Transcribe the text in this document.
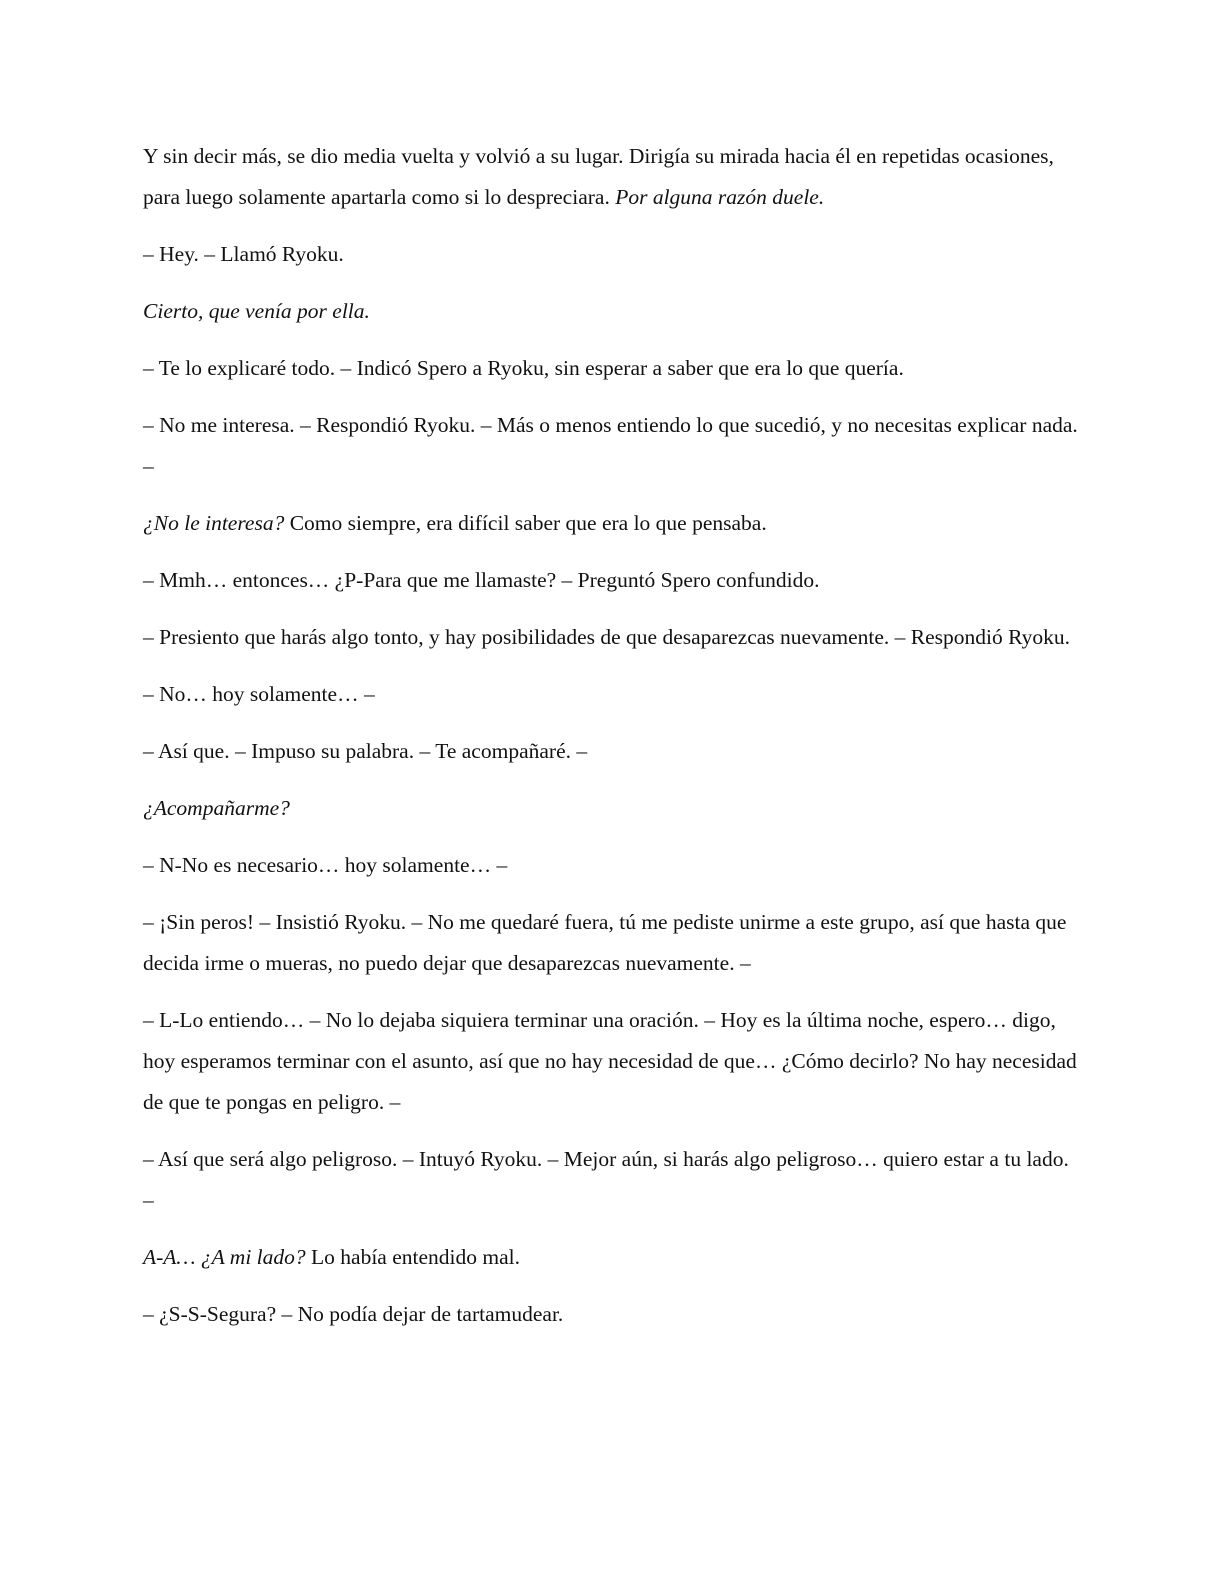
Y sin decir más, se dio media vuelta y volvió a su lugar. Dirigía su mirada hacia él en repetidas ocasiones, para luego solamente apartarla como si lo despreciara. Por alguna razón duele.

– Hey. – Llamó Ryoku.

Cierto, que venía por ella.

– Te lo explicaré todo. – Indicó Spero a Ryoku, sin esperar a saber que era lo que quería.

– No me interesa. – Respondió Ryoku. – Más o menos entiendo lo que sucedió, y no necesitas explicar nada. –

¿No le interesa? Como siempre, era difícil saber que era lo que pensaba.

– Mmh… entonces… ¿P-Para que me llamaste? – Preguntó Spero confundido.

– Presiento que harás algo tonto, y hay posibilidades de que desaparezcas nuevamente. – Respondió Ryoku.

– No… hoy solamente… –

– Así que. – Impuso su palabra. – Te acompañaré. –

¿Acompañarme?

– N-No es necesario… hoy solamente… –

– ¡Sin peros! – Insistió Ryoku. – No me quedaré fuera, tú me pediste unirme a este grupo, así que hasta que decida irme o mueras, no puedo dejar que desaparezcas nuevamente. –

– L-Lo entiendo… – No lo dejaba siquiera terminar una oración. – Hoy es la última noche, espero… digo, hoy esperamos terminar con el asunto, así que no hay necesidad de que… ¿Cómo decirlo? No hay necesidad de que te pongas en peligro. –

– Así que será algo peligroso. – Intuyó Ryoku. – Mejor aún, si harás algo peligroso… quiero estar a tu lado. –

A-A… ¿A mi lado? Lo había entendido mal.

– ¿S-S-Segura? – No podía dejar de tartamudear.
